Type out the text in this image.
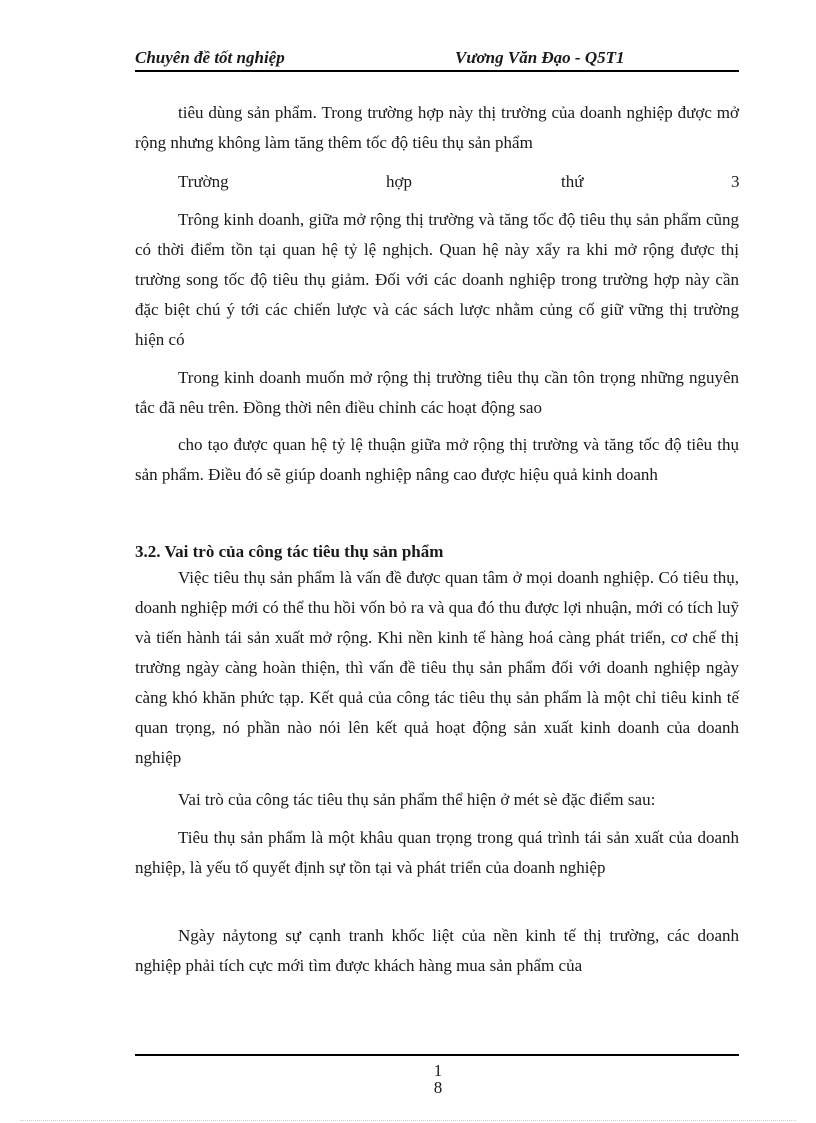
Chuyên đề tốt nghiệp	Vương Văn Đạo - Q5T1

tiêu dùng sản phẩm. Trong trường hợp này thị trường của doanh nghiệp được mở rộng nhưng không làm tăng thêm tốc độ tiêu thụ sản phẩm

Trường	hợp	thứ	3

Trông kinh doanh, giữa mở rộng thị trường và tăng tốc độ tiêu thụ sản phẩm cũng có thời điểm tồn tại quan hệ tỷ lệ nghịch. Quan hệ này xẩy ra khi mở rộng được thị trường song tốc độ tiêu thụ giảm. Đối với các doanh nghiệp trong trường hợp này cần đặc biệt chú ý tới các chiến lược và các sách lược nhằm củng cố giữ vững thị trường hiện có

Trong kinh doanh muốn mở rộng thị trường tiêu thụ cần tôn trọng những nguyên tắc đã nêu trên. Đồng thời nên điều chỉnh các hoạt động sao

cho tạo được quan hệ tỷ lệ thuận giữa mở rộng thị trường và tăng tốc độ tiêu thụ sản phẩm. Điều đó sẽ giúp doanh nghiệp nâng cao được hiệu quả kinh doanh

3.2. Vai trò của công tác tiêu thụ sản phẩm

Việc tiêu thụ sản phẩm là vấn đề được quan tâm ở mọi doanh nghiệp. Có tiêu thụ, doanh nghiệp mới có thể thu hồi vốn bỏ ra và qua đó thu được lợi nhuận, mới có tích luỹ và tiến hành tái sản xuất mở rộng. Khi nền kinh tế hàng hoá càng phát triển, cơ chế thị trường ngày càng hoàn thiện, thì vấn đề tiêu thụ sản phẩm đối với doanh nghiệp ngày càng khó khăn phức tạp. Kết quả của công tác tiêu thụ sản phẩm là một chỉ tiêu kinh tế quan trọng, nó phần nào nói lên kết quả hoạt động sản xuất kinh doanh của doanh nghiệp

Vai trò của công tác tiêu thụ sản phẩm thể hiện ở mét sè đặc điểm sau:

Tiêu thụ sản phẩm là một khâu quan trọng trong quá trình tái sản xuất của doanh nghiệp, là yếu tố quyết định sự tồn tại và phát triển của doanh nghiệp

Ngày nảytong sự cạnh tranh khốc liệt của nền kinh tế thị trường, các doanh nghiệp phải tích cực mới tìm được khách hàng mua sản phẩm của

1
8
